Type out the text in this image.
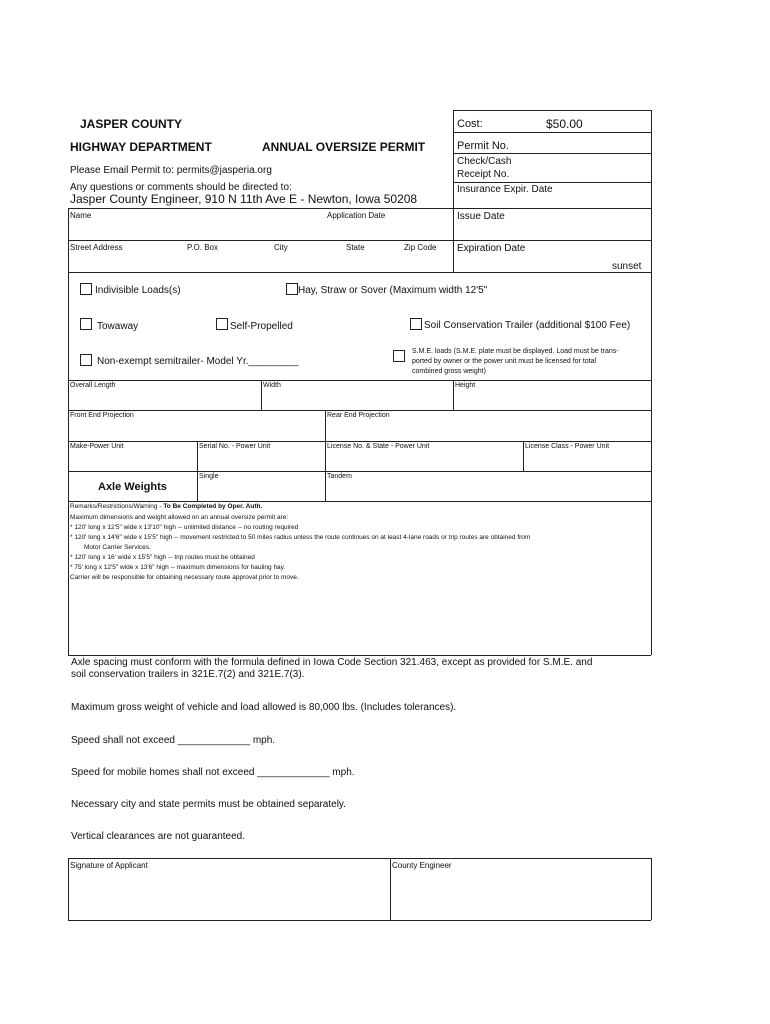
JASPER COUNTY
HIGHWAY DEPARTMENT	ANNUAL OVERSIZE PERMIT
Please Email Permit to: permits@jasperia.org
Any questions or comments should be directed to:
Jasper County Engineer, 910 N 11th Ave E - Newton, Iowa 50208
Cost:	$50.00
Permit No.
Check/Cash
Receipt No.
Insurance Expir. Date
Issue Date
Expiration Date
sunset
Name	Application Date
Street Address	P.O. Box	City	State	Zip Code
Indivisible Loads(s)	Hay, Straw or Sover (Maximum width 12'5"
Towaway	Self-Propelled	Soil Conservation Trailer (additional $100 Fee)
Non-exempt semitrailer- Model Yr._________
S.M.E. loads (S.M.E. plate must be displayed. Load must be trans-
ported by owner or the power unit must be licensed for total
combined gross weight)
Overall Length	Width	Height
Front End Projection	Rear End Projection
Make-Power Unit	Serial No. - Power Unit	License No. & State - Power Unit	License Class - Power Unit
Axle Weights
Single	Tandem
Remarks/Restrictions/Warning - To Be Completed by Oper. Auth.
Maximum dimensions and weight allowed on an annual oversize permit are:
* 120' long x 12'5" wide x 13'10" high -- unlimited distance -- no routing required
* 120' long x 14'6" wide x 15'5" high -- movement restricted to 50 miles radius unless the route continues on at least 4-lane roads or trip routes are obtained from
Motor Carrier Services.
* 120' long x 16' wide x 15'5" high -- trip routes must be obtained
* 75' long x 12'5" wide x 13'6" high -- maximum dimensions for hauling hay.
Carrier will be responsible for obtaining necessary route approval prior to move.
Axle spacing must conform with the formula defined in Iowa Code Section 321.463, except as provided for S.M.E. and
soil conservation trailers in 321E.7(2) and 321E.7(3).
Maximum gross weight of vehicle and load allowed is 80,000 lbs. (Includes tolerances).
Speed shall not exceed _____________ mph.
Speed for mobile homes shall not exceed _____________ mph.
Necessary city and state permits must be obtained separately.
Vertical clearances are not guaranteed.
Signature of Applicant	County Engineer
